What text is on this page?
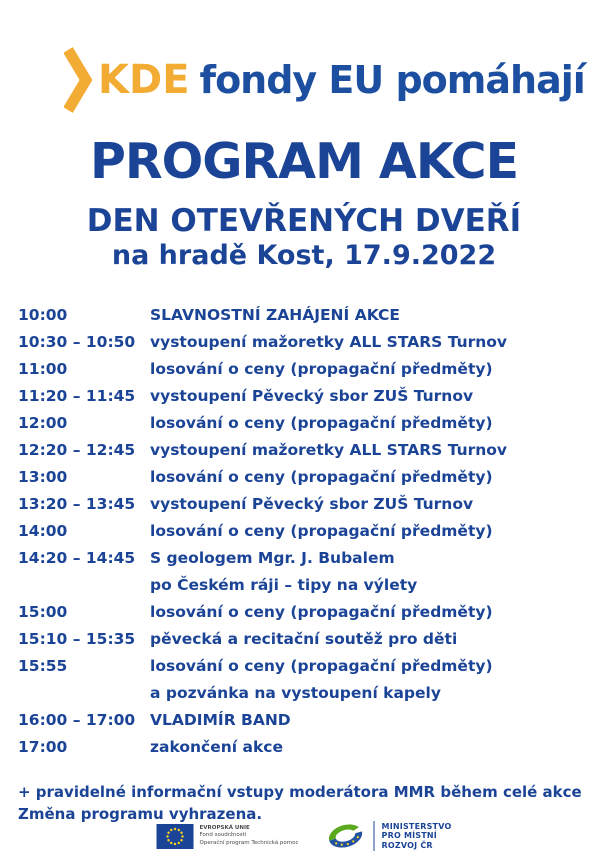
KDE fondy EU pomáhají
PROGRAM AKCE
DEN OTEVŘENÝCH DVEŘÍ
na hradě Kost, 17.9.2022
10:00	SLAVNOSTNÍ ZAHÁJENÍ AKCE
10:30 – 10:50 vystoupení mažoretky ALL STARS Turnov
11:00	losování o ceny (propagační předměty)
11:20 – 11:45 vystoupení Pěvecký sbor ZUŠ Turnov
12:00	losování o ceny (propagační předměty)
12:20 – 12:45 vystoupení mažoretky ALL STARS Turnov
13:00	losování o ceny (propagační předměty)
13:20 – 13:45 vystoupení Pěvecký sbor ZUŠ Turnov
14:00	losování o ceny (propagační předměty)
14:20 – 14:45 S geologem Mgr. J. Bubalem
po Českém ráji – tipy na výlety
15:00	losování o ceny (propagační předměty)
15:10 – 15:35 pěvecká a recitační soutěž pro děti
15:55	losování o ceny (propagační předměty)
a pozvánka na vystoupení kapely
16:00 – 17:00 VLADIMÍR BAND
17:00	zakončení akce

+ pravidelné informační vstupy moderátora MMR během celé akce

Změna programu vyhrazena.

EVROPSKÁ UNIE
Fond soudržnosti
Operační program Technická pomoc
MINISTERSTVO
PRO MÍSTNÍ
ROZVOJ ČR
